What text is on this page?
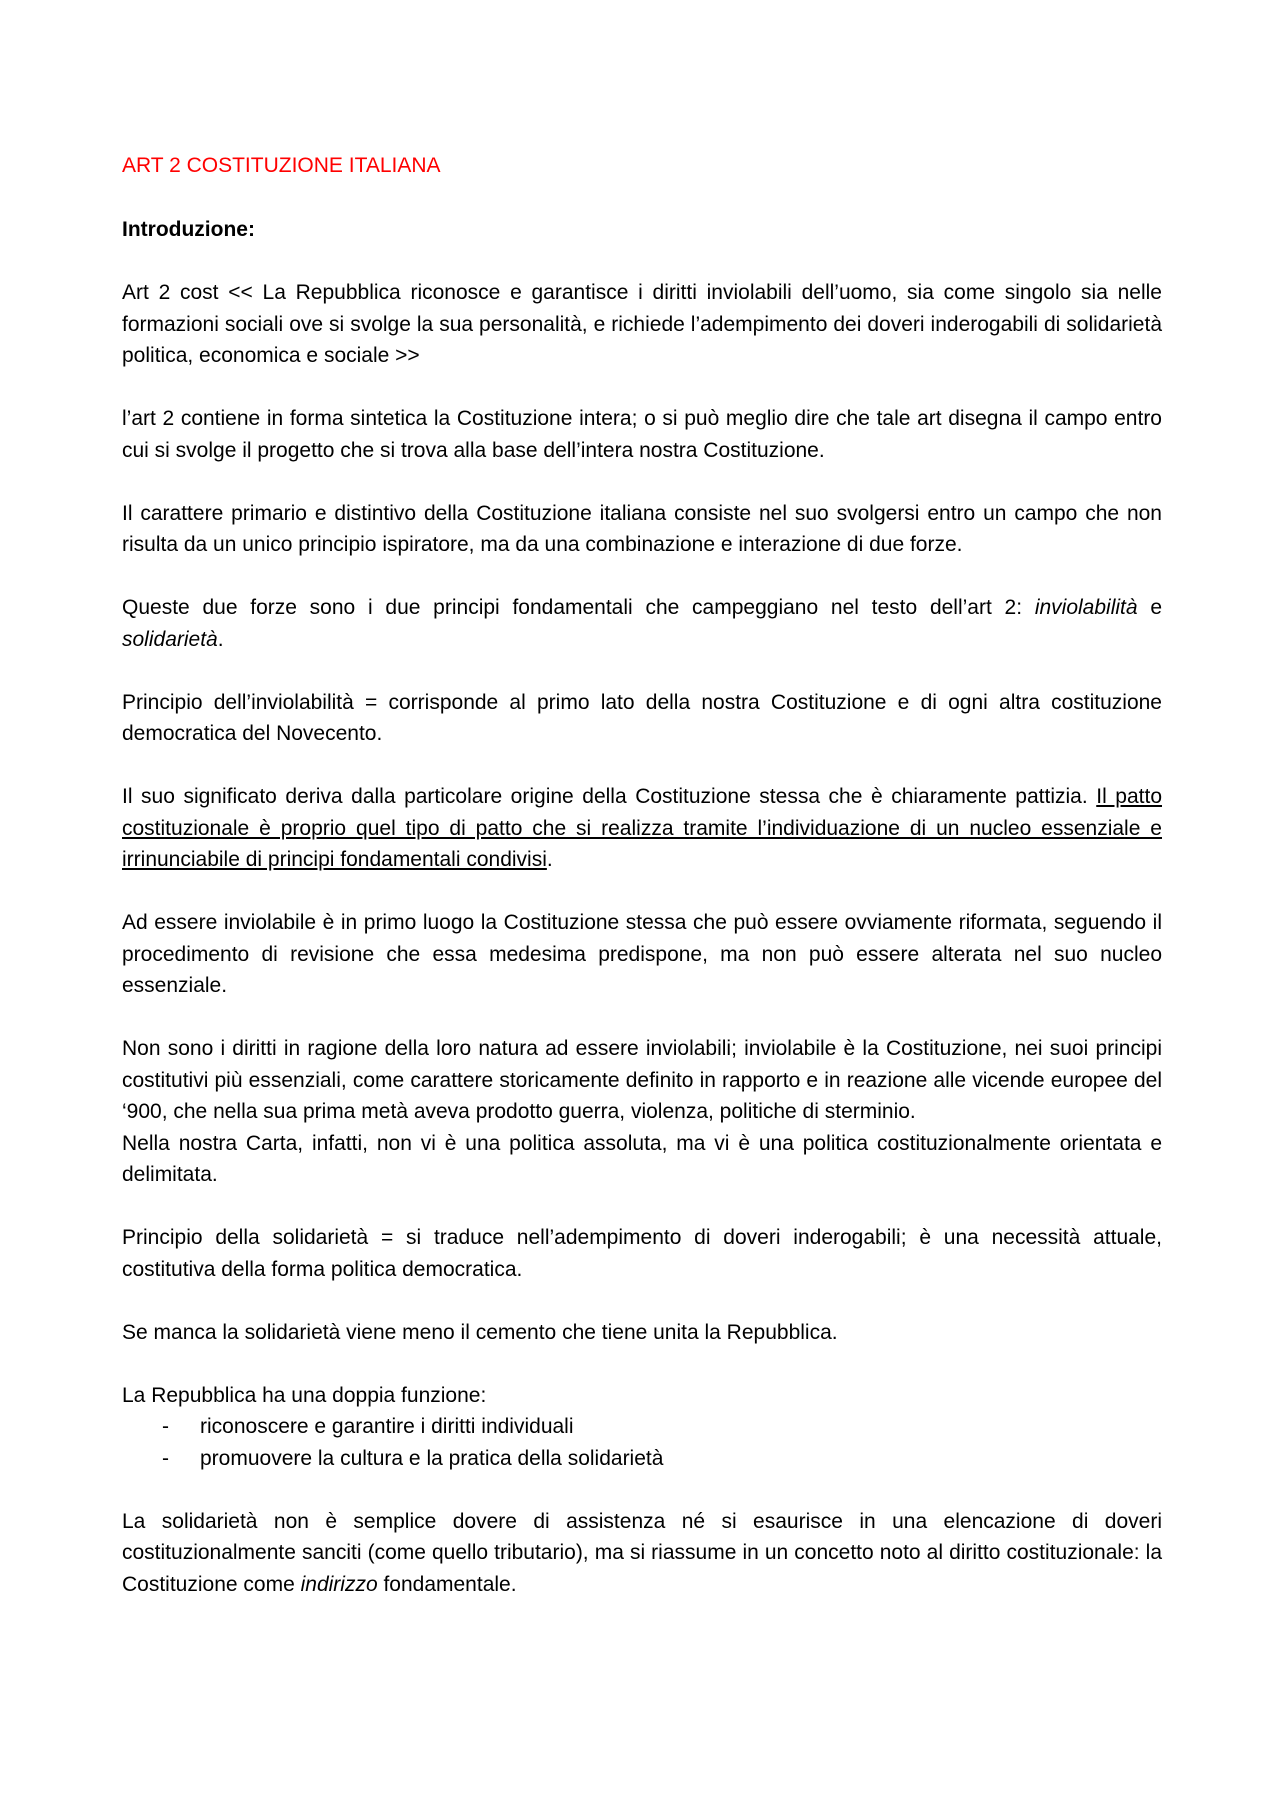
ART 2 COSTITUZIONE ITALIANA
Introduzione:

Art 2 cost << La Repubblica riconosce e garantisce i diritti inviolabili dell’uomo, sia come singolo sia nelle formazioni sociali ove si svolge la sua personalità, e richiede l’adempimento dei doveri inderogabili di solidarietà politica, economica e sociale >>

l’art 2 contiene in forma sintetica la Costituzione intera; o si può meglio dire che tale art disegna il campo entro cui si svolge il progetto che si trova alla base dell’intera nostra Costituzione.

Il carattere primario e distintivo della Costituzione italiana consiste nel suo svolgersi entro un campo che non risulta da un unico principio ispiratore, ma da una combinazione e interazione di due forze.

Queste due forze sono i due principi fondamentali che campeggiano nel testo dell’art 2: inviolabilità e solidarietà.

Principio dell’inviolabilità = corrisponde al primo lato della nostra Costituzione e di ogni altra costituzione democratica del Novecento.

Il suo significato deriva dalla particolare origine della Costituzione stessa che è chiaramente pattizia. Il patto costituzionale è proprio quel tipo di patto che si realizza tramite l’individuazione di un nucleo essenziale e irrinunciabile di principi fondamentali condivisi.

Ad essere inviolabile è in primo luogo la Costituzione stessa che può essere ovviamente riformata, seguendo il procedimento di revisione che essa medesima predispone, ma non può essere alterata nel suo nucleo essenziale.

Non sono i diritti in ragione della loro natura ad essere inviolabili; inviolabile è la Costituzione, nei suoi principi costitutivi più essenziali, come carattere storicamente definito in rapporto e in reazione alle vicende europee del ‘900, che nella sua prima metà aveva prodotto guerra, violenza, politiche di sterminio.

Nella nostra Carta, infatti, non vi è una politica assoluta, ma vi è una politica costituzionalmente orientata e delimitata.

Principio della solidarietà = si traduce nell’adempimento di doveri inderogabili; è una necessità attuale, costitutiva della forma politica democratica.

Se manca la solidarietà viene meno il cemento che tiene unita la Repubblica.

La Repubblica ha una doppia funzione:

- riconoscere e garantire i diritti individuali
- promuovere la cultura e la pratica della solidarietà

La solidarietà non è semplice dovere di assistenza né si esaurisce in una elencazione di doveri costituzionalmente sanciti (come quello tributario), ma si riassume in un concetto noto al diritto costituzionale: la Costituzione come indirizzo fondamentale.
